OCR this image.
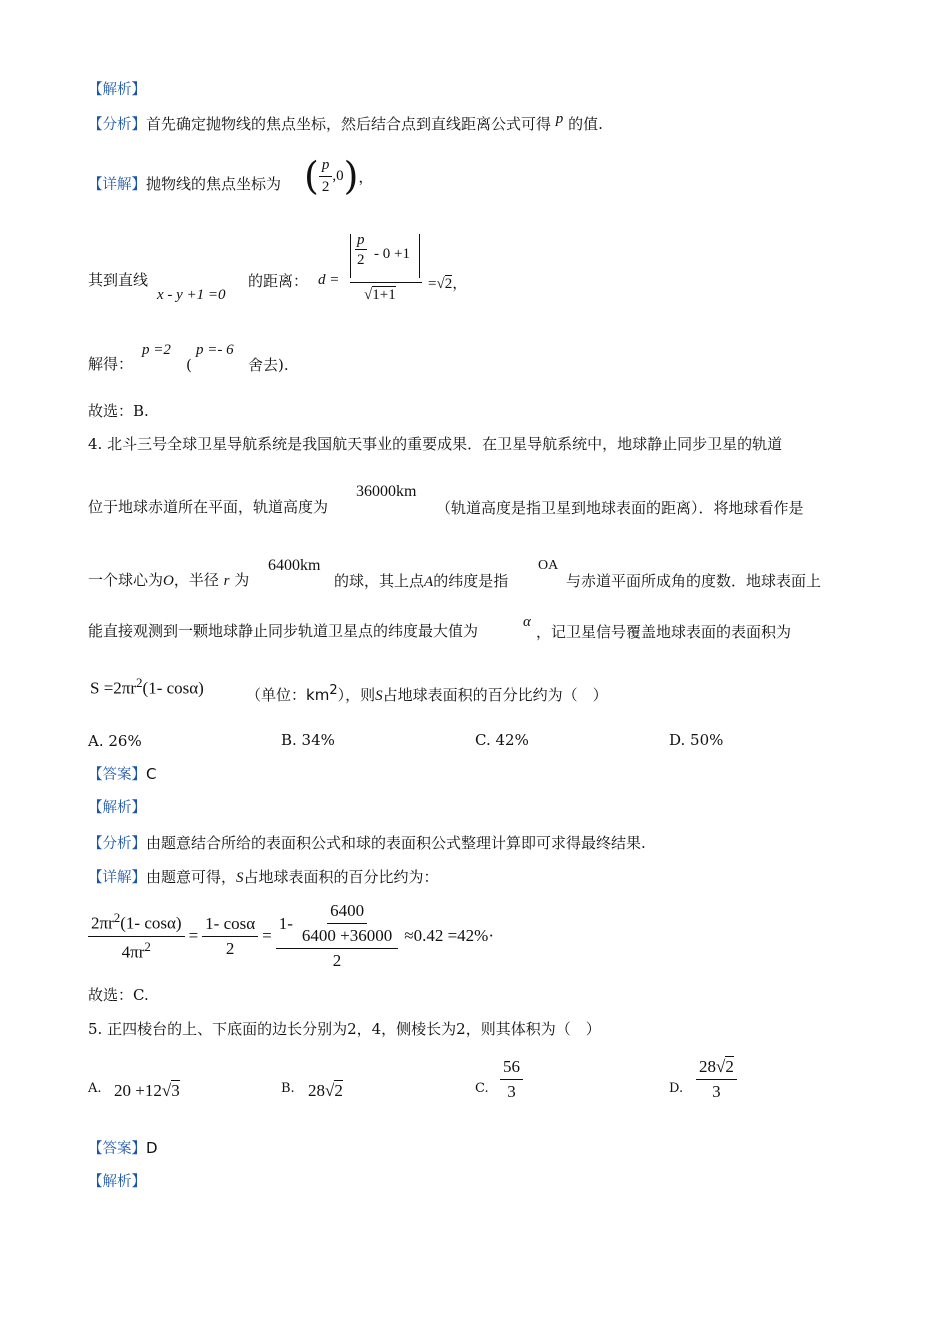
【解析】
【分析】首先确定抛物线的焦点坐标，然后结合点到直线距离公式可得 p 的值.
【详解】抛物线的焦点坐标为 ( $\frac{p}{2} ,0$ ) ，
其到直线
x - y +1 =0
的距离： d =
$\frac{p}{2} - 0 +1$
√1+1
=√2，
解得：
p =2
(
p =- 6
舍去).
故选：B.
4. 北斗三号全球卫星导航系统是我国航天事业的重要成果．在卫星导航系统中，地球静止同步卫星的轨道
位于地球赤道所在平面，轨道高度为
36000km
（轨道高度是指卫星到地球表面的距离）．将地球看作是
一个球心为O，半径 r 为
6400km
的球，其上点A的纬度是指
OA
与赤道平面所成角的度数．地球表面上
能直接观测到一颗地球静止同步轨道卫星点的纬度最大值为	α
，记卫星信号覆盖地球表面的表面积为
$S =2\pi r^2(1-$ cosα)	（单位：$km^2$），则S占地球表面积的百分比约为（　）
A. 26%	B. 34%	C. 42%	D. 50%
【答案】C
【解析】
【分析】由题意结合所给的表面积公式和球的表面积公式整理计算即可求得最终结果.
【详解】由题意可得，S占地球表面积的百分比约为：
$\frac{2\pi r^2(1- \cos\alpha)}{4\pi r^2} = \frac{1- \cos\alpha}{2} = \frac{1- \frac{6400}{6400 +36000}}{2} \approx 0.42 =42\%$ ·
故选：C.
5. 正四棱台的上、下底面的边长分别为2，4，侧棱长为2，则其体积为（　）
A. 20 +12√3	B. 28√2	C. $\frac{56}{3}$	D. $\frac{28√2}{3}$
【答案】D
【解析】
